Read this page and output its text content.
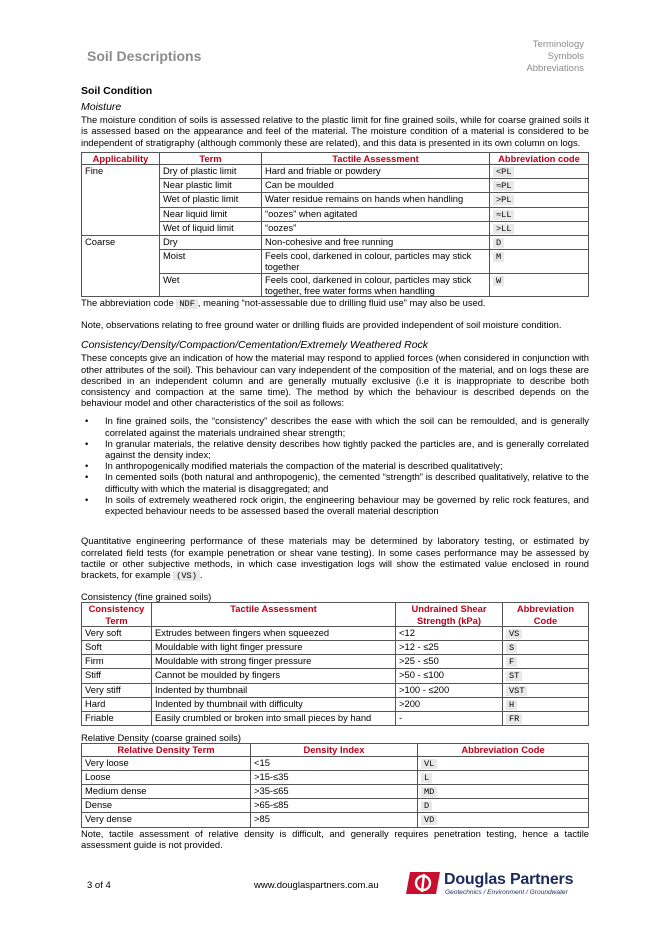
Soil Descriptions
Terminology
Symbols
Abbreviations
Soil Condition
Moisture

The moisture condition of soils is assessed relative to the plastic limit for fine grained soils, while for coarse grained soils it is assessed based on the appearance and feel of the material. The moisture condition of a material is considered to be independent of stratigraphy (although commonly these are related), and this data is presented in its own column on logs.

Applicability	Term	Tactile Assessment	Abbreviation code
Fine	Dry of plastic limit	Hard and friable or powdery	<PL
	Near plastic limit	Can be moulded	≈PL
	Wet of plastic limit	Water residue remains on hands when handling	>PL
	Near liquid limit	“oozes” when agitated	≈LL
	Wet of liquid limit	“oozes”	>LL
Coarse	Dry	Non-cohesive and free running	D
	Moist	Feels cool, darkened in colour, particles may stick together	M
	Wet	Feels cool, darkened in colour, particles may stick together, free water forms when handling	W

The abbreviation code NDF , meaning “not-assessable due to drilling fluid use” may also be used.

Note, observations relating to free ground water or drilling fluids are provided independent of soil moisture condition.

Consistency/Density/Compaction/Cementation/Extremely Weathered Rock

These concepts give an indication of how the material may respond to applied forces (when considered in conjunction with other attributes of the soil). This behaviour can vary independent of the composition of the material, and on logs these are described in an independent column and are generally mutually exclusive (i.e it is inappropriate to describe both consistency and compaction at the same time). The method by which the behaviour is described depends on the behaviour model and other characteristics of the soil as follows:

• In fine grained soils, the “consistency” describes the ease with which the soil can be remoulded, and is generally correlated against the materials undrained shear strength;
• In granular materials, the relative density describes how tightly packed the particles are, and is generally correlated against the density index;
• In anthropogenically modified materials the compaction of the material is described qualitatively;
• In cemented soils (both natural and anthropogenic), the cemented “strength” is described qualitatively, relative to the difficulty with which the material is disaggregated; and
• In soils of extremely weathered rock origin, the engineering behaviour may be governed by relic rock features, and expected behaviour needs to be assessed based the overall material description

Quantitative engineering performance of these materials may be determined by laboratory testing, or estimated by correlated field tests (for example penetration or shear vane testing). In some cases performance may be assessed by tactile or other subjective methods, in which case investigation logs will show the estimated value enclosed in round brackets, for example (VS) .

Consistency (fine grained soils)
Consistency Term	Tactile Assessment	Undrained Shear Strength (kPa)	Abbreviation Code
Very soft	Extrudes between fingers when squeezed	<12	VS
Soft	Mouldable with light finger pressure	>12 - ≤25	S
Firm	Mouldable with strong finger pressure	>25 - ≤50	F
Stiff	Cannot be moulded by fingers	>50 - ≤100	ST
Very stiff	Indented by thumbnail	>100 - ≤200	VST
Hard	Indented by thumbnail with difficulty	>200	H
Friable	Easily crumbled or broken into small pieces by hand	-	FR
Relative Density (coarse grained soils)
Relative Density Term	Density Index	Abbreviation Code
Very loose	<15	VL
Loose	>15-≤35	L
Medium dense	>35-≤65	MD
Dense	>65-≤85	D
Very dense	>85	VD

Note, tactile assessment of relative density is difficult, and generally requires penetration testing, hence a tactile assessment guide is not provided.

3 of 4	www.douglaspartners.com.au	Douglas Partners
Geotechnics / Environment / Groundwater
